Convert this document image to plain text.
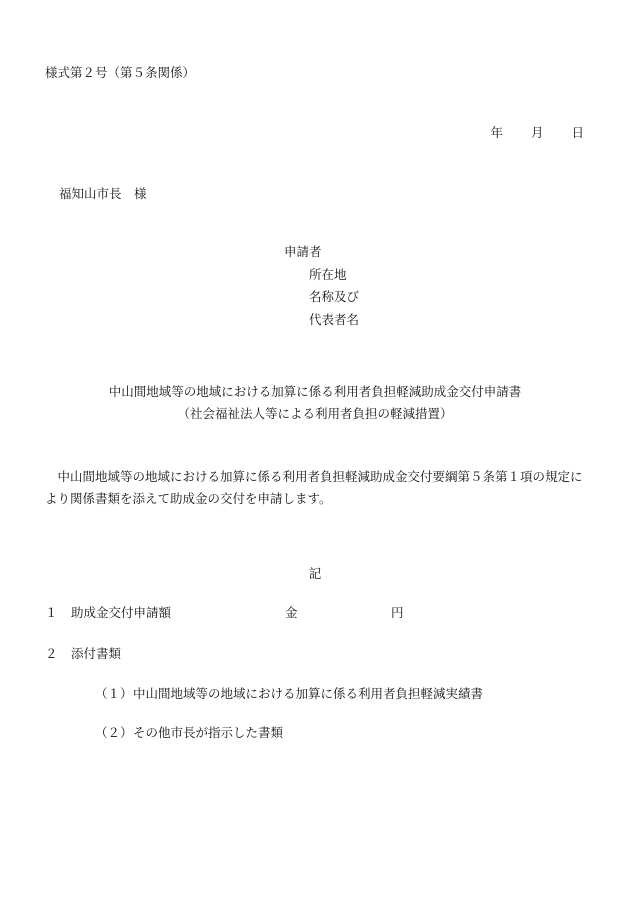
様式第２号（第５条関係）
年 月 日
福知山市長　様
申請者
所在地
名称及び
代表者名
中山間地域等の地域における加算に係る利用者負担軽減助成金交付申請書
（社会福祉法人等による利用者負担の軽減措置）
　中山間地域等の地域における加算に係る利用者負担軽減助成金交付要綱第５条第１項の規定により関係書類を添えて助成金の交付を申請します。
記
１ 助成金交付申請額	金	円
２ 添付書類
（１）中山間地域等の地域における加算に係る利用者負担軽減実績書
（２）その他市長が指示した書類
